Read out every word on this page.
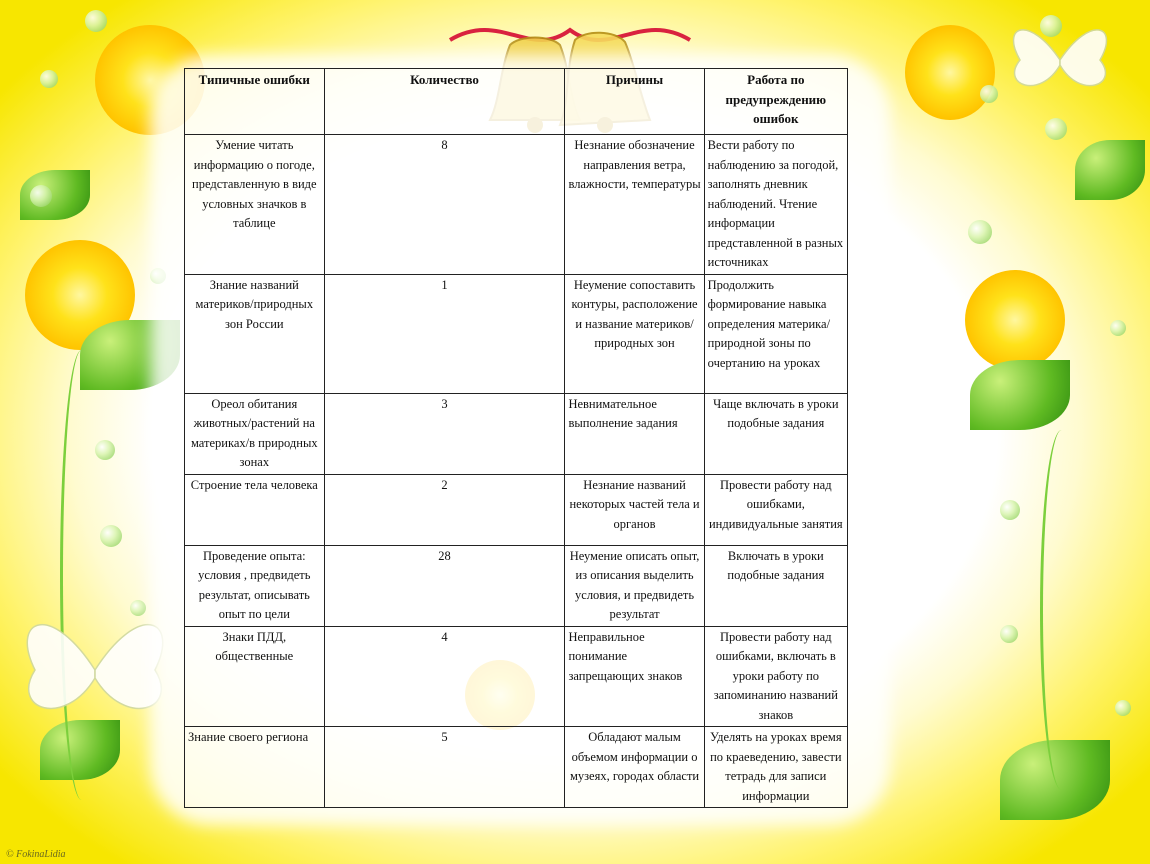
Типичные ошибки	Количество	Причины	Работа по предупреждению ошибок
Умение читать информацию о погоде, представленную в виде условных значков в таблице	8	Незнание обозначение направления ветра, влажности, температуры	Вести работу по наблюдению за погодой, заполнять дневник наблюдений. Чтение информации представленной в разных источниках
Знание названий материков/природных зон России	1	Неумение сопоставить контуры, расположение и название материков/природных зон	Продолжить формирование навыка определения материка/природной зоны по очертанию на уроках
Ореол обитания животных/растений на материках/в природных зонах	3	Невнимательное выполнение задания	Чаще включать в уроки подобные задания
Строение тела человека	2	Незнание названий некоторых частей тела и органов	Провести работу над ошибками, индивидуальные занятия
Проведение опыта: условия , предвидеть результат, описывать опыт по цели	28	Неумение описать опыт, из описания выделить условия, и предвидеть результат	Включать в уроки подобные задания
Знаки ПДД, общественные	4	Неправильное понимание запрещающих знаков	Провести работу над ошибками, включать в уроки работу по запоминанию названий знаков
Знание своего региона	5	Обладают малым объемом информации о музеях, городах области	Уделять на уроках время по краеведению, завести тетрадь для записи информации
© FokinaLidia
